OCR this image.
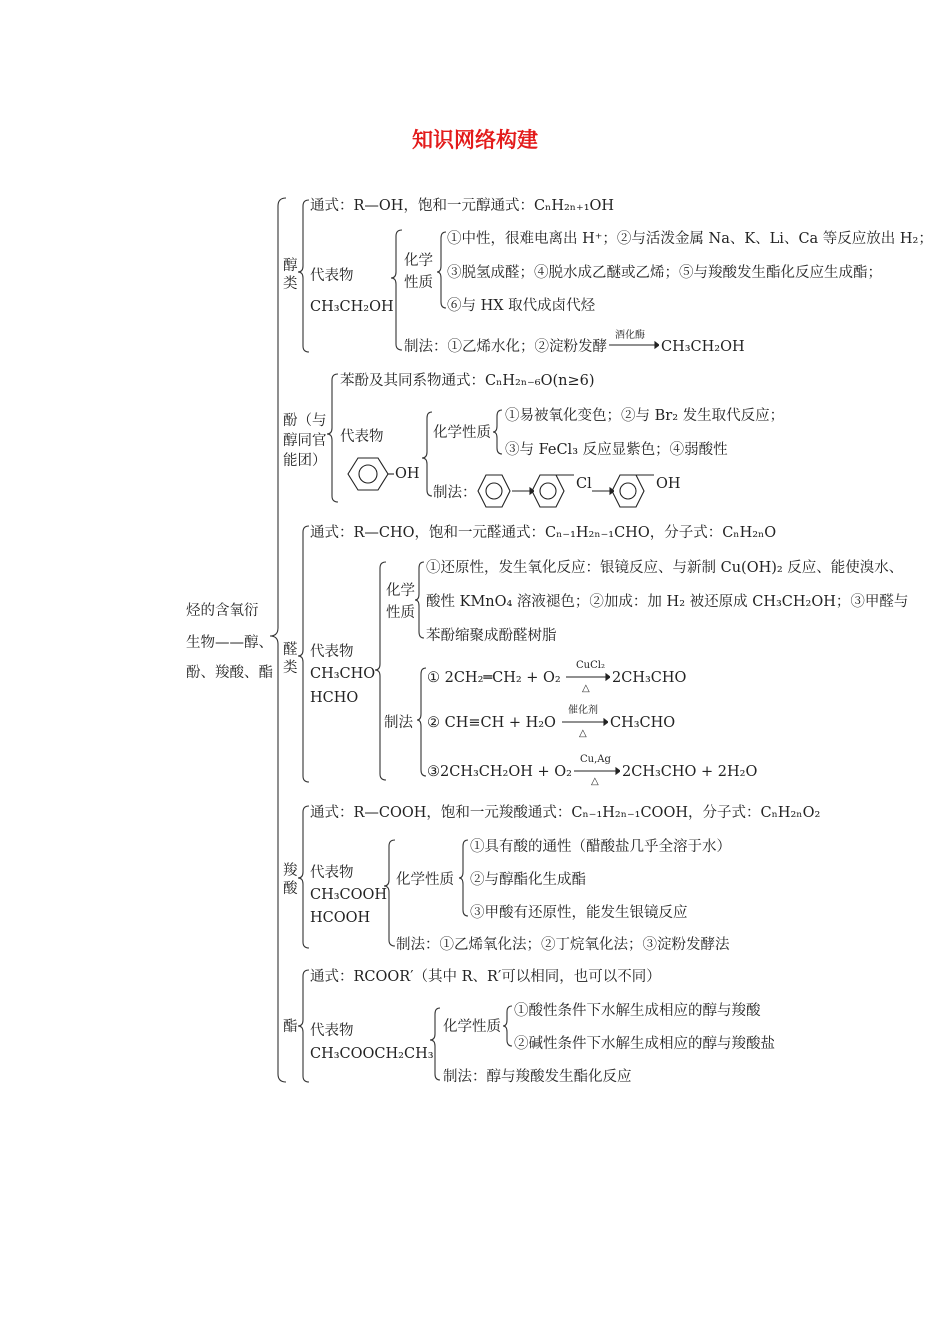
知识网络构建
烃的含氧衍
生物——醇、
酚、羧酸、酯
醇
类
通式：R—OH，饱和一元醇通式：CₙH₂ₙ₊₁OH
代表物
CH₃CH₂OH
化学
性质
①中性，很难电离出 H⁺；②与活泼金属 Na、K、Li、Ca 等反应放出 H₂；
③脱氢成醛；④脱水成乙醚或乙烯；⑤与羧酸发生酯化反应生成酯；
⑥与 HX 取代成卤代烃
制法：①乙烯水化；②淀粉发酵
酒化酶
→ CH₃CH₂OH
酚（与
醇同官
能团）
苯酚及其同系物通式：CₙH₂ₙ₋₆O(n≥6)
代表物
OH
化学性质
①易被氧化变色；②与 Br₂ 发生取代反应；
③与 FeCl₃ 反应显紫色；④弱酸性
制法：
Cl →	OH
醛
类
通式：R—CHO，饱和一元醛通式：Cₙ₋₁H₂ₙ₋₁CHO，分子式：CₙH₂ₙO
代表物
CH₃CHO
HCHO
化学
性质
①还原性，发生氧化反应：银镜反应、与新制 Cu(OH)₂ 反应、能使溴水、
酸性 KMnO₄ 溶液褪色；②加成：加 H₂ 被还原成 CH₃CH₂OH；③甲醛与
苯酚缩聚成酚醛树脂
制法
① 2CH₂═CH₂ + O₂
CuCl₂
△
2CH₃CHO
② CH≡CH + H₂O
催化剂
△
CH₃CHO
③2CH₃CH₂OH + O₂
Cu,Ag
△
2CH₃CHO + 2H₂O
羧
酸
通式：R—COOH，饱和一元羧酸通式：Cₙ₋₁H₂ₙ₋₁COOH，分子式：CₙH₂ₙO₂
代表物
CH₃COOH
HCOOH
化学性质
①具有酸的通性（醋酸盐几乎全溶于水）
②与醇酯化生成酯
③甲酸有还原性，能发生银镜反应
制法：①乙烯氧化法；②丁烷氧化法；③淀粉发酵法
酯
通式：RCOOR′（其中 R、R′可以相同，也可以不同）
代表物
CH₃COOCH₂CH₃
化学性质
①酸性条件下水解生成相应的醇与羧酸
②碱性条件下水解生成相应的醇与羧酸盐
制法：醇与羧酸发生酯化反应
